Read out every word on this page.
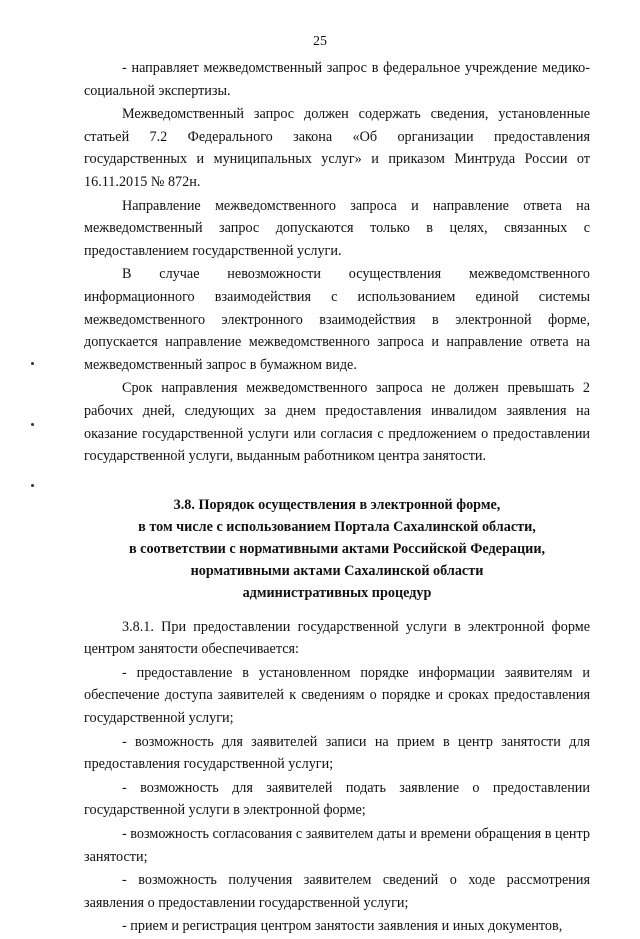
25

- направляет межведомственный запрос в федеральное учреждение медико-социальной экспертизы.

Межведомственный запрос должен содержать сведения, установленные статьей 7.2 Федерального закона «Об организации предоставления государственных и муниципальных услуг» и приказом Минтруда России от 16.11.2015 № 872н.

Направление межведомственного запроса и направление ответа на межведомственный запрос допускаются только в целях, связанных с предоставлением государственной услуги.

В случае невозможности осуществления межведомственного информационного взаимодействия с использованием единой системы межведомственного электронного взаимодействия в электронной форме, допускается направление межведомственного запроса и направление ответа на межведомственный запрос в бумажном виде.

Срок направления межведомственного запроса не должен превышать 2 рабочих дней, следующих за днем предоставления инвалидом заявления на оказание государственной услуги или согласия с предложением о предоставлении государственной услуги, выданным работником центра занятости.

3.8. Порядок осуществления в электронной форме,
в том числе с использованием Портала Сахалинской области,
в соответствии с нормативными актами Российской Федерации,
нормативными актами Сахалинской области
административных процедур

3.8.1. При предоставлении государственной услуги в электронной форме центром занятости обеспечивается:

- предоставление в установленном порядке информации заявителям и обеспечение доступа заявителей к сведениям о порядке и сроках предоставления государственной услуги;

- возможность для заявителей записи на прием в центр занятости для предоставления государственной услуги;

- возможность для заявителей подать заявление о предоставлении государственной услуги в электронной форме;

- возможность согласования с заявителем даты и времени обращения в центр занятости;

- возможность получения заявителем сведений о ходе рассмотрения заявления о предоставлении государственной услуги;

- прием и регистрация центром занятости заявления и иных документов,
